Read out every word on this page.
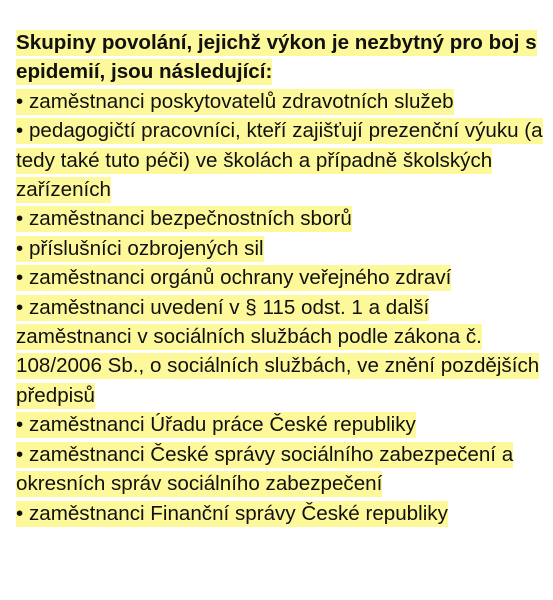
Skupiny povolání, jejichž výkon je nezbytný pro boj s epidemií, jsou následující:

• zaměstnanci poskytovatelů zdravotních služeb
• pedagogičtí pracovníci, kteří zajišťují prezenční výuku (a tedy také tuto péči) ve školách a případně školských zařízeních
• zaměstnanci bezpečnostních sborů
• příslušníci ozbrojených sil
• zaměstnanci orgánů ochrany veřejného zdraví
• zaměstnanci uvedení v § 115 odst. 1 a další zaměstnanci v sociálních službách podle zákona č. 108/2006 Sb., o sociálních službách, ve znění pozdějších předpisů
• zaměstnanci Úřadu práce České republiky
• zaměstnanci České správy sociálního zabezpečení a okresních správ sociálního zabezpečení
• zaměstnanci Finanční správy České republiky
